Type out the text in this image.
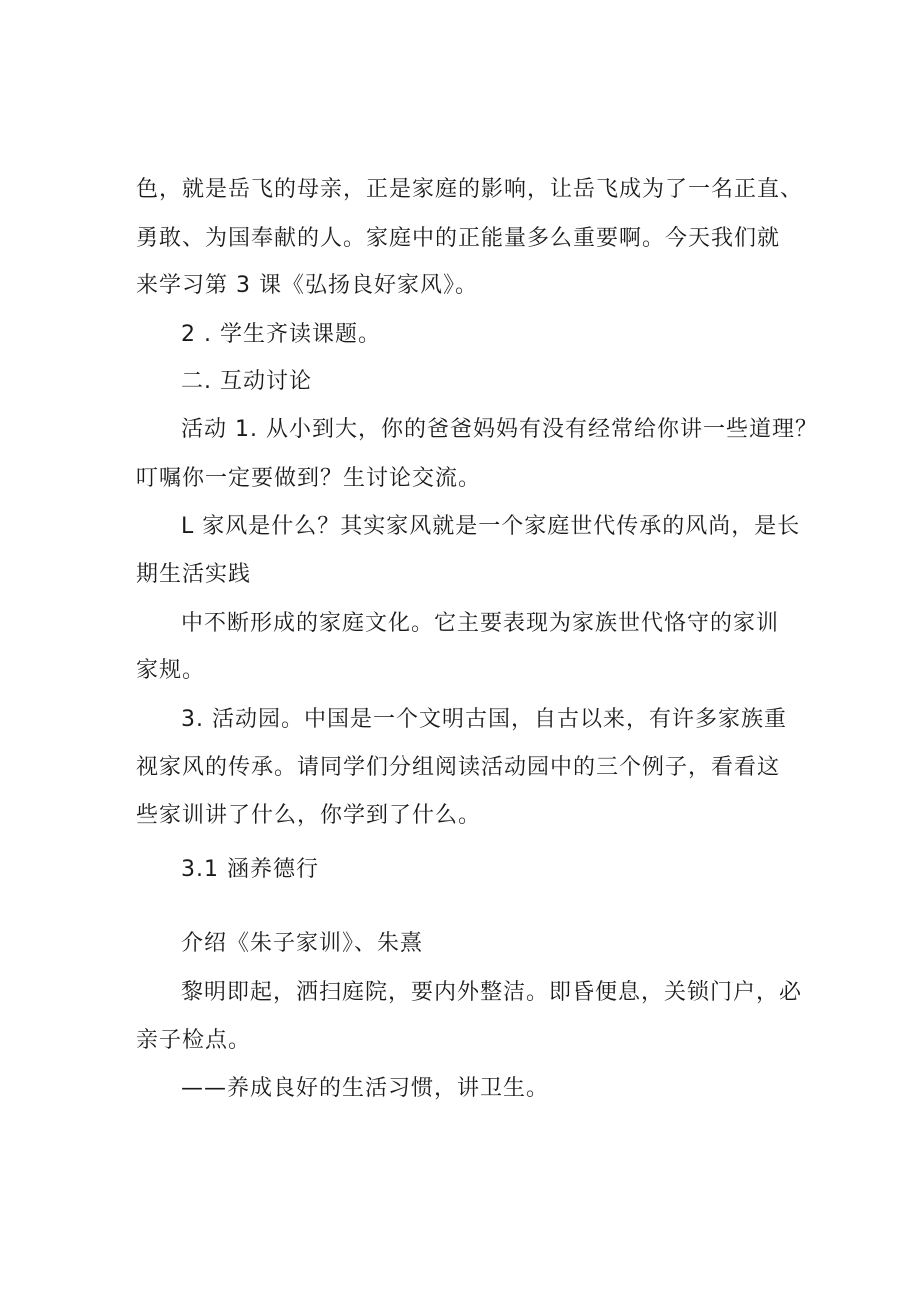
色，就是岳飞的母亲，正是家庭的影响，让岳飞成为了一名正直、
勇敢、为国奉献的人。家庭中的正能量多么重要啊。今天我们就
来学习第 3 课《弘扬良好家风》。
2 . 学生齐读课题。
二. 互动讨论
活动 1. 从小到大，你的爸爸妈妈有没有经常给你讲一些道理？
叮嘱你一定要做到？生讨论交流。
L 家风是什么？其实家风就是一个家庭世代传承的风尚，是长
期生活实践
中不断形成的家庭文化。它主要表现为家族世代恪守的家训
家规。
3. 活动园。中国是一个文明古国，自古以来，有许多家族重
视家风的传承。请同学们分组阅读活动园中的三个例子，看看这
些家训讲了什么，你学到了什么。
3.1 涵养德行
介绍《朱子家训》、朱熹
黎明即起，洒扫庭院，要内外整洁。即昏便息，关锁门户，必
亲子检点。
——养成良好的生活习惯，讲卫生。
